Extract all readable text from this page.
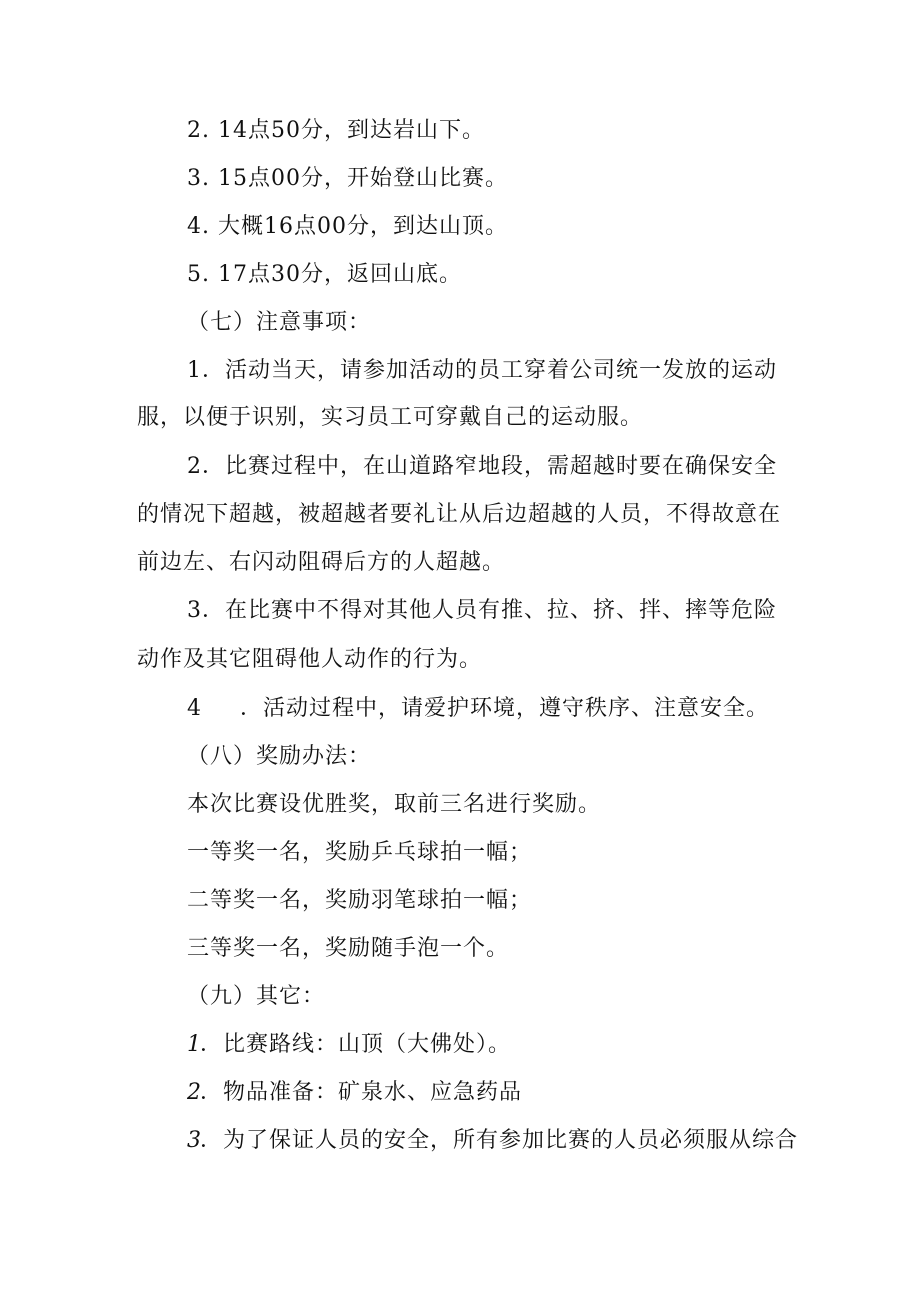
2. 14点50分，到达岩山下。
3. 15点00分，开始登山比赛。
4. 大概16点00分，到达山顶。
5. 17点30分，返回山底。
（七）注意事项：
1．活动当天，请参加活动的员工穿着公司统一发放的运动
服，以便于识别，实习员工可穿戴自己的运动服。
2．比赛过程中，在山道路窄地段，需超越时要在确保安全
的情况下超越，被超越者要礼让从后边超越的人员，不得故意在
前边左、右闪动阻碍后方的人超越。
3．在比赛中不得对其他人员有推、拉、挤、拌、摔等危险
动作及其它阻碍他人动作的行为。
4 ．活动过程中，请爱护环境，遵守秩序、注意安全。
（八）奖励办法：
本次比赛设优胜奖，取前三名进行奖励。
一等奖一名，奖励乒乓球拍一幅；
二等奖一名，奖励羽笔球拍一幅；
三等奖一名，奖励随手泡一个。
（九）其它：
1
．比赛路线：山顶（大佛处）。
2
．物品准备：矿泉水、应急药品
3
．为了保证人员的安全，所有参加比赛的人员必须服从综合
